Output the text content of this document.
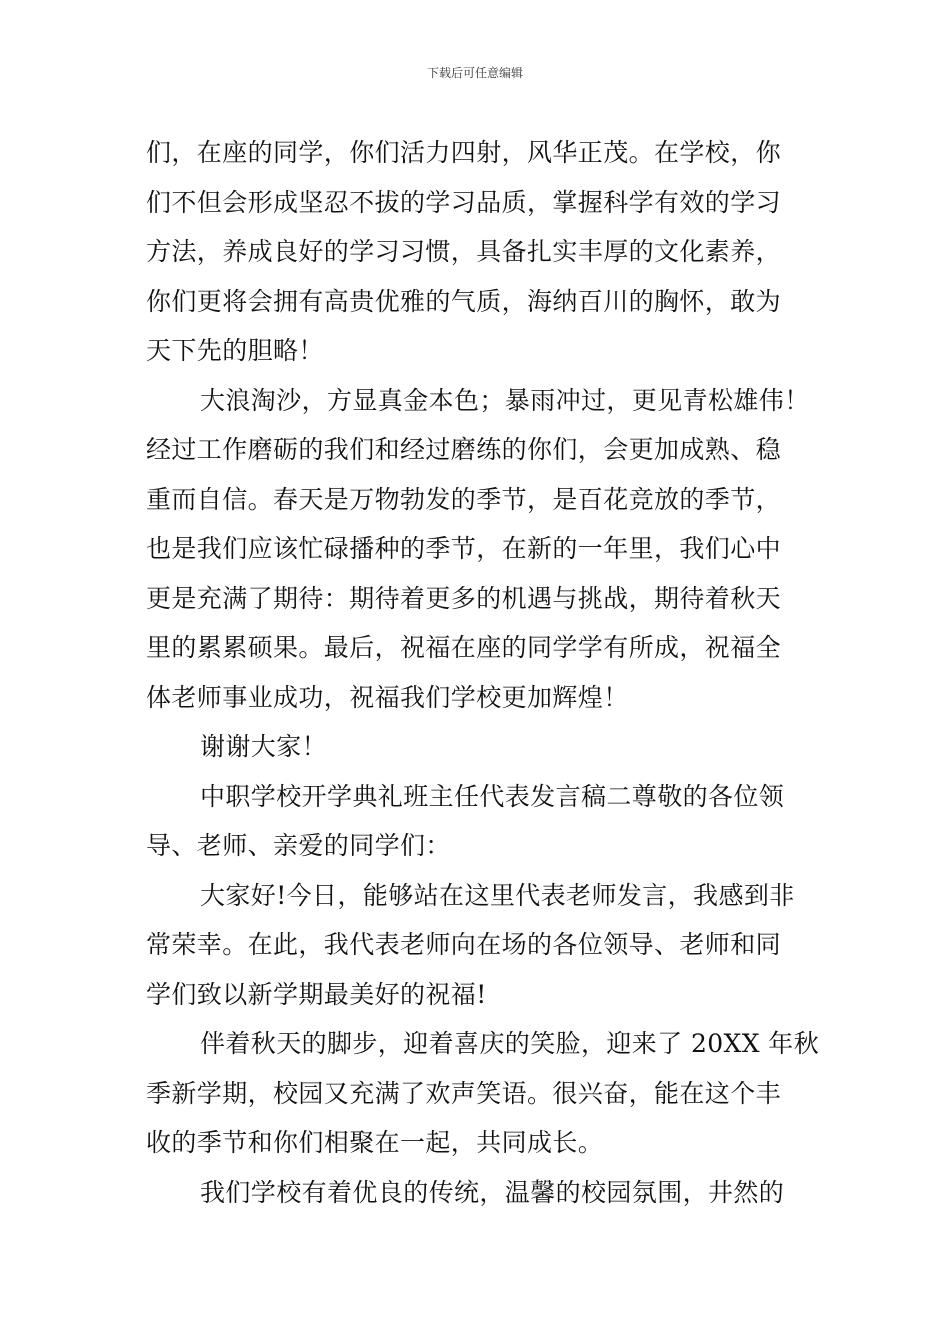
下载后可任意编辑
们，在座的同学，你们活力四射，风华正茂。在学校，你
们不但会形成坚忍不拔的学习品质，掌握科学有效的学习
方法，养成良好的学习习惯，具备扎实丰厚的文化素养，
你们更将会拥有高贵优雅的气质，海纳百川的胸怀，敢为
天下先的胆略！
大浪淘沙，方显真金本色；暴雨冲过，更见青松雄伟！
经过工作磨砺的我们和经过磨练的你们，会更加成熟、稳
重而自信。春天是万物勃发的季节，是百花竞放的季节，
也是我们应该忙碌播种的季节，在新的一年里，我们心中
更是充满了期待：期待着更多的机遇与挑战，期待着秋天
里的累累硕果。最后，祝福在座的同学学有所成，祝福全
体老师事业成功，祝福我们学校更加辉煌！
谢谢大家！
中职学校开学典礼班主任代表发言稿二尊敬的各位领
导、老师、亲爱的同学们：
大家好!今日，能够站在这里代表老师发言，我感到非
常荣幸。在此，我代表老师向在场的各位领导、老师和同
学们致以新学期最美好的祝福!
伴着秋天的脚步，迎着喜庆的笑脸，迎来了 20XX 年秋
季新学期，校园又充满了欢声笑语。很兴奋，能在这个丰
收的季节和你们相聚在一起，共同成长。
我们学校有着优良的传统，温馨的校园氛围，井然的
